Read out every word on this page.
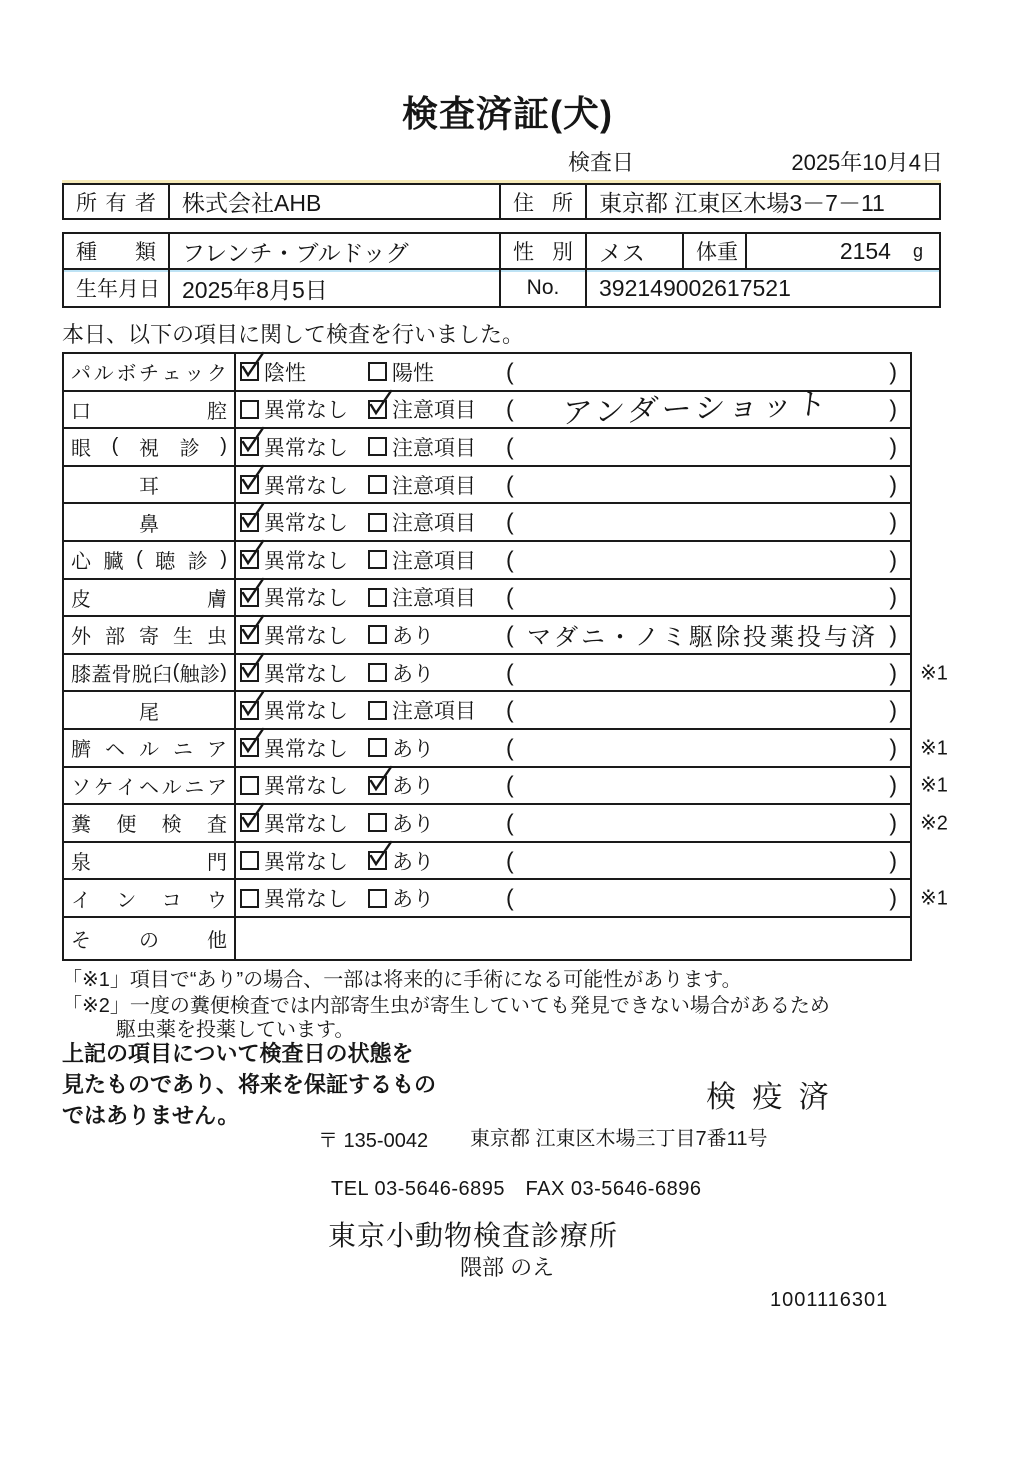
検査済証(犬)
検査日	2025年10月4日
所 有 者	株式会社AHB	住 所	東京都 江東区木場3－7－11
種 類	フレンチ・ブルドッグ	性 別	メス	体 重	2154 g
生 年 月 日 2025年8月5日	No.	392149002617521
本日、以下の項目に関して検査を行いました。
パ ル ボ チ ェ ッ ク 陰性	陽性	(	)
口	腔 異常なし 注意項目 (	アンダーショット	)
眼 ( 視 診 ) 異常なし 注意項目 (	)
耳	異常なし 注意項目 (	)
鼻	異常なし 注意項目 (	)
心 臓 ( 聴 診 ) 異常なし 注意項目 (	)
皮	膚 異常なし 注意項目 (	)
外 部 寄 生 虫 異常なし あり	( マダニ・ノミ駆除投薬投与済 )
膝 蓋 骨 脱 臼 ( 触 診 ) 異常なし あり	(	) ※1
尾	異常なし 注意項目 (	)
臍 ヘ ル ニ ア 異常なし あり	(	) ※1
ソ ケ イ ヘ ル ニ ア 異常なし あり	(	) ※1
糞 便 検 査 異常なし あり	(	) ※2
泉	門 異常なし あり	(	)
イ ン コ ウ 異常なし あり	(	) ※1
そ の 他
「※1」項目で“あり”の場合、一部は将来的に手術になる可能性があります。
「※2」一度の糞便検査では内部寄生虫が寄生していても発見できない場合があるため
駆虫薬を投薬しています。
上記の項目について検査日の状態を
見たものであり、将来を保証するもの
ではありません。
検 疫 済
〒 135-0042 東京都 江東区木場三丁目7番11号
TEL 03-5646-6895　FAX 03-5646-6896
東京小動物検査診療所
隈部 のえ
1001116301
